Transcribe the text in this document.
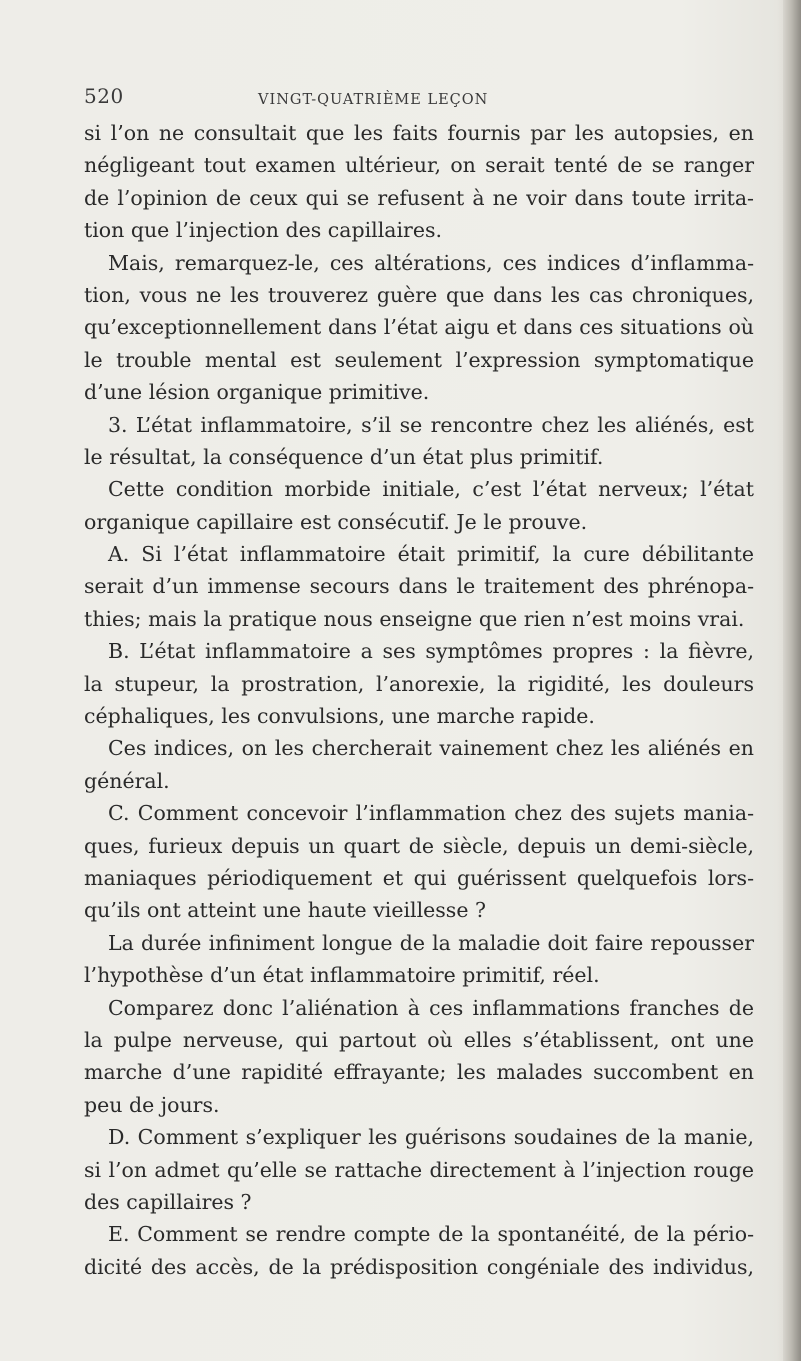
520	VINGT-QUATRIÈME LEÇON
si l’on ne consultait que les faits fournis par les autopsies, en
négligeant tout examen ultérieur, on serait tenté de se ranger
de l’opinion de ceux qui se refusent à ne voir dans toute irrita-
tion que l’injection des capillaires.
Mais, remarquez-le, ces altérations, ces indices d’inflamma-
tion, vous ne les trouverez guère que dans les cas chroniques,
qu’exceptionnellement dans l’état aigu et dans ces situations où
le trouble mental est seulement l’expression symptomatique
d’une lésion organique primitive.
3. L’état inflammatoire, s’il se rencontre chez les aliénés, est
le résultat, la conséquence d’un état plus primitif.
Cette condition morbide initiale, c’est l’état nerveux; l’état
organique capillaire est consécutif. Je le prouve.
A. Si l’état inflammatoire était primitif, la cure débilitante
serait d’un immense secours dans le traitement des phrénopa-
thies; mais la pratique nous enseigne que rien n’est moins vrai.
B. L’état inflammatoire a ses symptômes propres : la fièvre,
la stupeur, la prostration, l’anorexie, la rigidité, les douleurs
céphaliques, les convulsions, une marche rapide.
Ces indices, on les chercherait vainement chez les aliénés en
général.
C. Comment concevoir l’inflammation chez des sujets mania-
ques, furieux depuis un quart de siècle, depuis un demi-siècle,
maniaques périodiquement et qui guérissent quelquefois lors-
qu’ils ont atteint une haute vieillesse ?
La durée infiniment longue de la maladie doit faire repousser
l’hypothèse d’un état inflammatoire primitif, réel.
Comparez donc l’aliénation à ces inflammations franches de
la pulpe nerveuse, qui partout où elles s’établissent, ont une
marche d’une rapidité effrayante; les malades succombent en
peu de jours.
D. Comment s’expliquer les guérisons soudaines de la manie,
si l’on admet qu’elle se rattache directement à l’injection rouge
des capillaires ?
E. Comment se rendre compte de la spontanéité, de la pério-
dicité des accès, de la prédisposition congéniale des individus,
